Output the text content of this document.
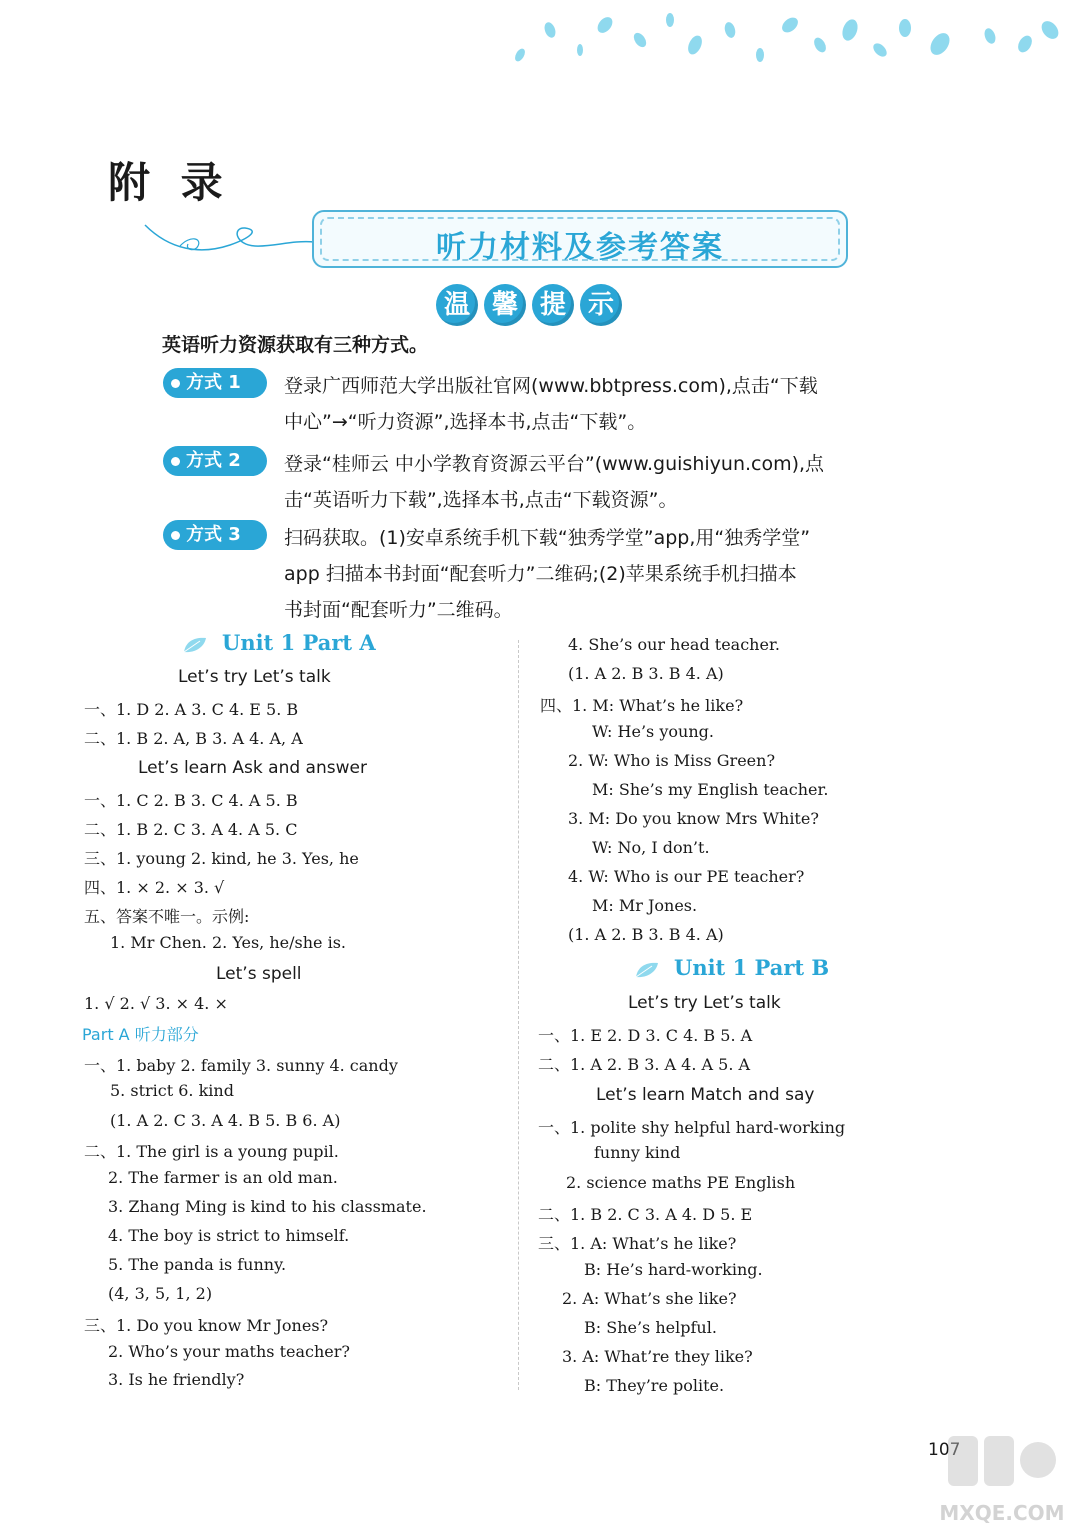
附 录
听力材料及参考答案
温 馨 提 示
英语听力资源获取有三种方式。
方式 1	登录广西师范大学出版社官网(www.bbtpress.com),点击“下载
中心”→“听力资源”,选择本书,点击“下载”。
方式 2	登录“桂师云 中小学教育资源云平台”(www.guishiyun.com),点
击“英语听力下载”,选择本书,点击“下载资源”。
方式 3	扫码获取。(1)安卓系统手机下载“独秀学堂”app,用“独秀学堂”
app 扫描本书封面“配套听力”二维码;(2)苹果系统手机扫描本
书封面“配套听力”二维码。
Unit 1 Part A
Let’s try Let’s talk
一、1. D 2. A 3. C 4. E 5. B
二、1. B 2. A, B 3. A 4. A, A
Let’s learn Ask and answer
一、1. C 2. B 3. C 4. A 5. B
二、1. B 2. C 3. A 4. A 5. C
三、1. young 2. kind, he 3. Yes, he
四、1. × 2. × 3. √
五、答案不唯一。示例:
1. Mr Chen. 2. Yes, he/she is.
Let’s spell
1. √ 2. √ 3. × 4. ×
Part A 听力部分
一、1. baby 2. family 3. sunny 4. candy
5. strict 6. kind
(1. A 2. C 3. A 4. B 5. B 6. A)
二、1. The girl is a young pupil.
2. The farmer is an old man.
3. Zhang Ming is kind to his classmate.
4. The boy is strict to himself.
5. The panda is funny.
(4, 3, 5, 1, 2)
三、1. Do you know Mr Jones?
2. Who’s your maths teacher?
3. Is he friendly?
4. She’s our head teacher.
(1. A 2. B 3. B 4. A)
四、1. M: What’s he like?
W: He’s young.
2. W: Who is Miss Green?
M: She’s my English teacher.
3. M: Do you know Mrs White?
W: No, I don’t.
4. W: Who is our PE teacher?
M: Mr Jones.
(1. A 2. B 3. B 4. A)
Unit 1 Part B
Let’s try Let’s talk
一、1. E 2. D 3. C 4. B 5. A
二、1. A 2. B 3. A 4. A 5. A
Let’s learn Match and say
一、1. polite shy helpful hard-working
funny kind
2. science maths PE English
二、1. B 2. C 3. A 4. D 5. E
三、1. A: What’s he like?
B: He’s hard-working.
2. A: What’s she like?
B: She’s helpful.
3. A: What’re they like?
B: They’re polite.
107
MXQE.COM
